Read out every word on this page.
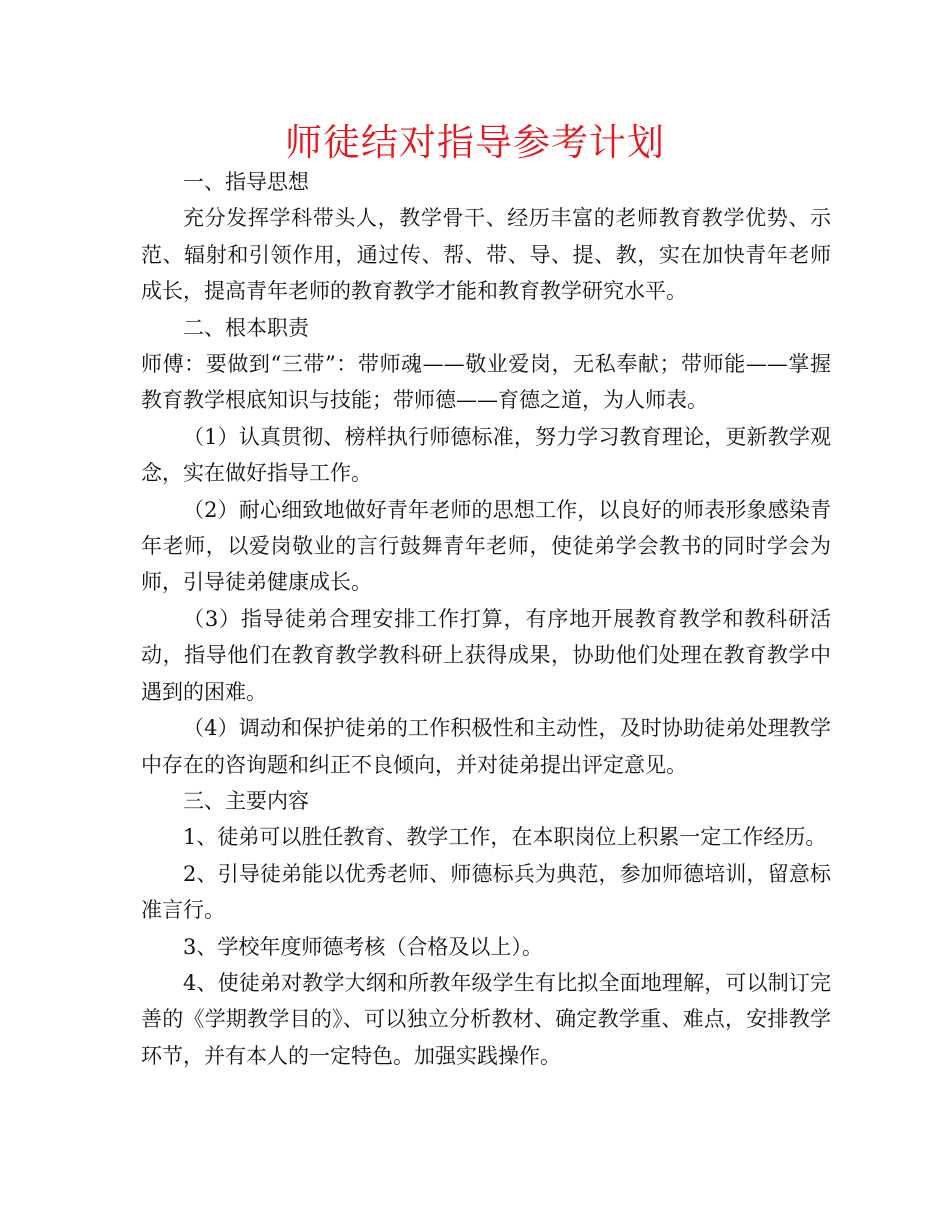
师徒结对指导参考计划

一、指导思想

充分发挥学科带头人，教学骨干、经历丰富的老师教育教学优势、示范、辐射和引领作用，通过传、帮、带、导、提、教，实在加快青年老师成长，提高青年老师的教育教学才能和教育教学研究水平。

二、根本职责

师傅：要做到“三带”：带师魂——敬业爱岗，无私奉献；带师能——掌握教育教学根底知识与技能；带师德——育德之道，为人师表。

（1）认真贯彻、榜样执行师德标准，努力学习教育理论，更新教学观念，实在做好指导工作。

（2）耐心细致地做好青年老师的思想工作，以良好的师表形象感染青年老师，以爱岗敬业的言行鼓舞青年老师，使徒弟学会教书的同时学会为师，引导徒弟健康成长。

（3）指导徒弟合理安排工作打算，有序地开展教育教学和教科研活动，指导他们在教育教学教科研上获得成果，协助他们处理在教育教学中遇到的困难。

（4）调动和保护徒弟的工作积极性和主动性，及时协助徒弟处理教学中存在的咨询题和纠正不良倾向，并对徒弟提出评定意见。

三、主要内容

1、徒弟可以胜任教育、教学工作，在本职岗位上积累一定工作经历。

2、引导徒弟能以优秀老师、师德标兵为典范，参加师德培训，留意标准言行。

3、学校年度师德考核（合格及以上）。

4、使徒弟对教学大纲和所教年级学生有比拟全面地理解，可以制订完善的《学期教学目的》、可以独立分析教材、确定教学重、难点，安排教学环节，并有本人的一定特色。加强实践操作。
